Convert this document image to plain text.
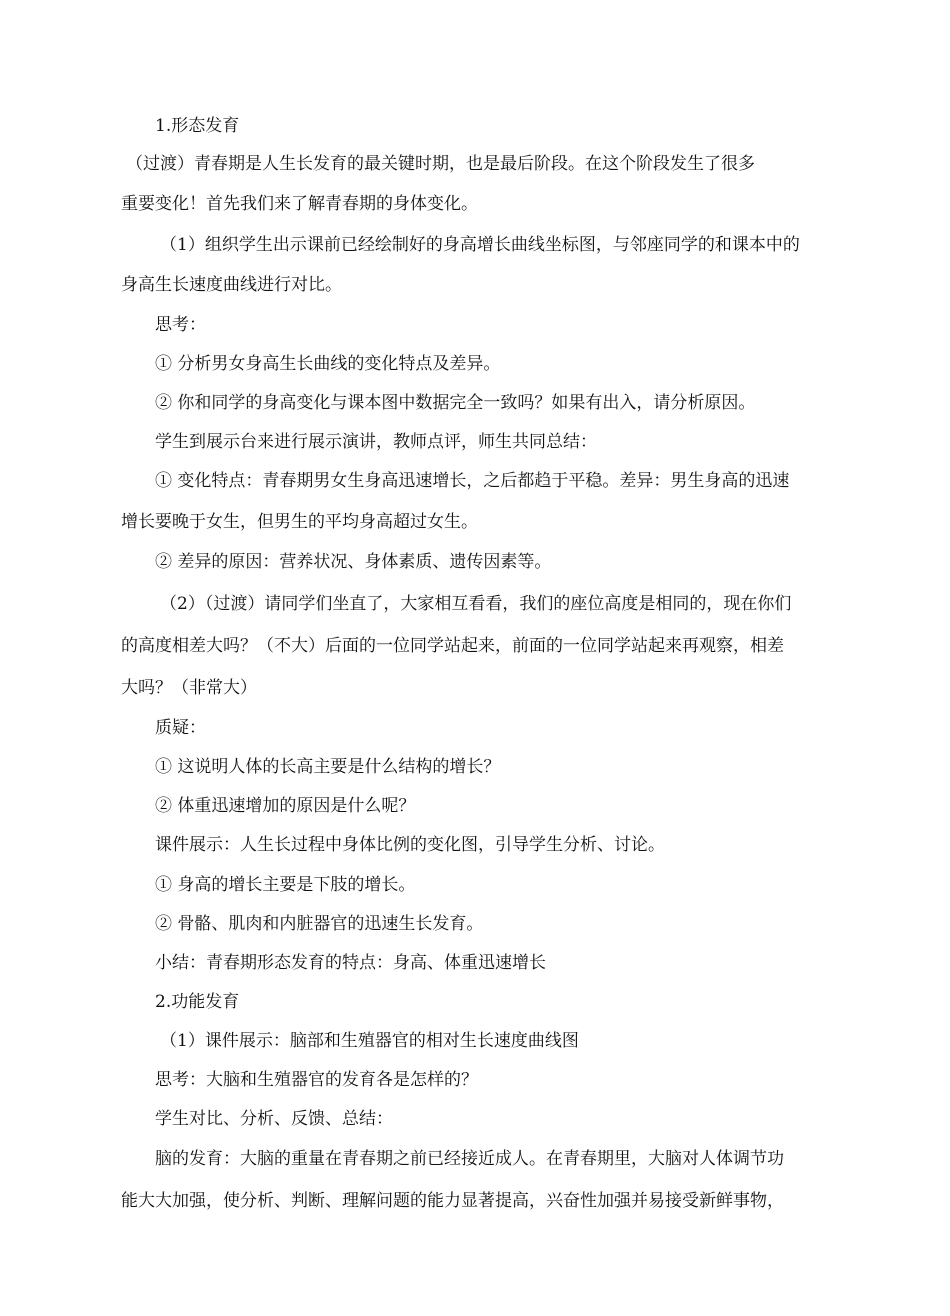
1.形态发育
（过渡）青春期是人生长发育的最关键时期，也是最后阶段。在这个阶段发生了很多
重要变化！首先我们来了解青春期的身体变化。
（1）组织学生出示课前已经绘制好的身高增长曲线坐标图，与邻座同学的和课本中的
身高生长速度曲线进行对比。
思考：
① 分析男女身高生长曲线的变化特点及差异。
② 你和同学的身高变化与课本图中数据完全一致吗？如果有出入，请分析原因。
学生到展示台来进行展示演讲，教师点评，师生共同总结：
① 变化特点：青春期男女生身高迅速增长，之后都趋于平稳。差异：男生身高的迅速
增长要晚于女生，但男生的平均身高超过女生。
② 差异的原因：营养状况、身体素质、遗传因素等。
（2）（过渡）请同学们坐直了，大家相互看看，我们的座位高度是相同的，现在你们
的高度相差大吗？（不大）后面的一位同学站起来，前面的一位同学站起来再观察，相差
大吗？（非常大）
质疑：
① 这说明人体的长高主要是什么结构的增长？
② 体重迅速增加的原因是什么呢？
课件展示：人生长过程中身体比例的变化图，引导学生分析、讨论。
① 身高的增长主要是下肢的增长。
② 骨骼、肌肉和内脏器官的迅速生长发育。
小结：青春期形态发育的特点：身高、体重迅速增长
2.功能发育
（1）课件展示：脑部和生殖器官的相对生长速度曲线图
思考：大脑和生殖器官的发育各是怎样的？
学生对比、分析、反馈、总结：
脑的发育：大脑的重量在青春期之前已经接近成人。在青春期里，大脑对人体调节功
能大大加强，使分析、判断、理解问题的能力显著提高，兴奋性加强并易接受新鲜事物，
